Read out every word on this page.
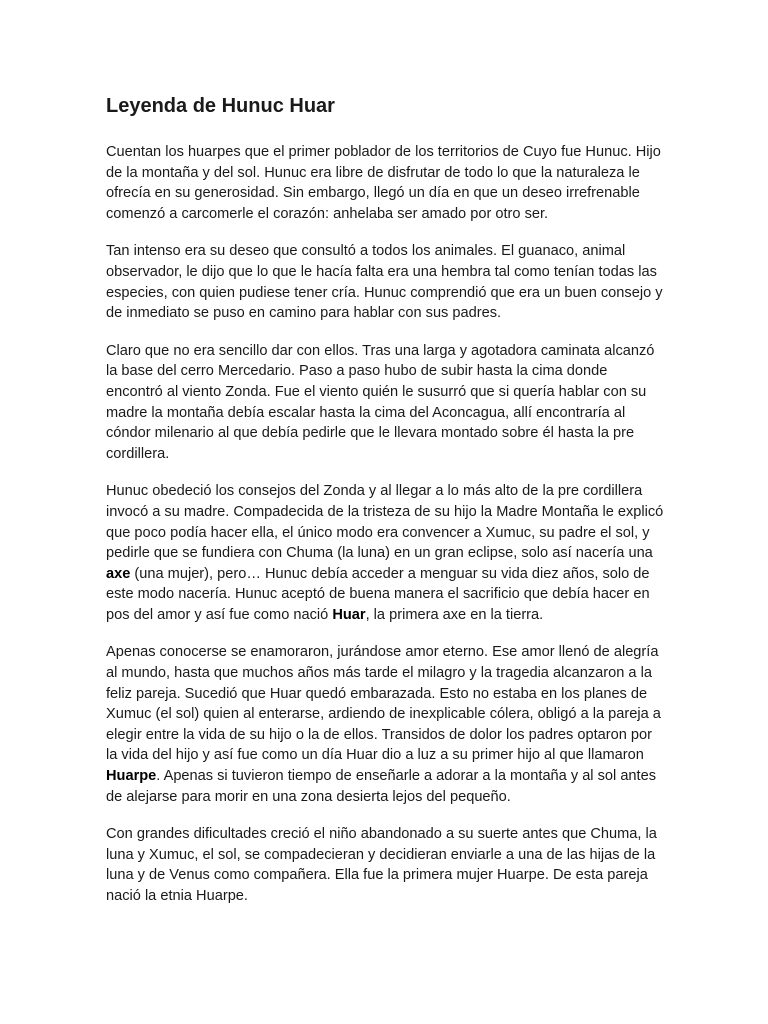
Leyenda de Hunuc Huar

Cuentan los huarpes que el primer poblador de los territorios de Cuyo fue Hunuc. Hijo de la montaña y del sol. Hunuc era libre de disfrutar de todo lo que la naturaleza le ofrecía en su generosidad. Sin embargo, llegó un día en que un deseo irrefrenable comenzó a carcomerle el corazón: anhelaba ser amado por otro ser.

Tan intenso era su deseo que consultó a todos los animales. El guanaco, animal observador, le dijo que lo que le hacía falta era una hembra tal como tenían todas las especies, con quien pudiese tener cría. Hunuc comprendió que era un buen consejo y de inmediato se puso en camino para hablar con sus padres.

Claro que no era sencillo dar con ellos. Tras una larga y agotadora caminata alcanzó la base del cerro Mercedario. Paso a paso hubo de subir hasta la cima donde encontró al viento Zonda. Fue el viento quién le susurró que si quería hablar con su madre la montaña debía escalar hasta la cima del Aconcagua, allí encontraría al cóndor milenario al que debía pedirle que le llevara montado sobre él hasta la pre cordillera.

Hunuc obedeció los consejos del Zonda y al llegar a lo más alto de la pre cordillera invocó a su madre. Compadecida de la tristeza de su hijo la Madre Montaña le explicó que poco podía hacer ella, el único modo era convencer a Xumuc, su padre el sol, y pedirle que se fundiera con Chuma (la luna) en un gran eclipse, solo así nacería una axe (una mujer), pero… Hunuc debía acceder a menguar su vida diez años, solo de este modo nacería. Hunuc aceptó de buena manera el sacrificio que debía hacer en pos del amor y así fue como nació Huar, la primera axe en la tierra.

Apenas conocerse se enamoraron, jurándose amor eterno. Ese amor llenó de alegría al mundo, hasta que muchos años más tarde el milagro y la tragedia alcanzaron a la feliz pareja. Sucedió que Huar quedó embarazada. Esto no estaba en los planes de Xumuc (el sol) quien al enterarse, ardiendo de inexplicable cólera, obligó a la pareja a elegir entre la vida de su hijo o la de ellos. Transidos de dolor los padres optaron por la vida del hijo y así fue como un día Huar dio a luz a su primer hijo al que llamaron Huarpe. Apenas si tuvieron tiempo de enseñarle a adorar a la montaña y al sol antes de alejarse para morir en una zona desierta lejos del pequeño.

Con grandes dificultades creció el niño abandonado a su suerte antes que Chuma, la luna y Xumuc, el sol, se compadecieran y decidieran enviarle a una de las hijas de la luna y de Venus como compañera. Ella fue la primera mujer Huarpe. De esta pareja nació la etnia Huarpe.
